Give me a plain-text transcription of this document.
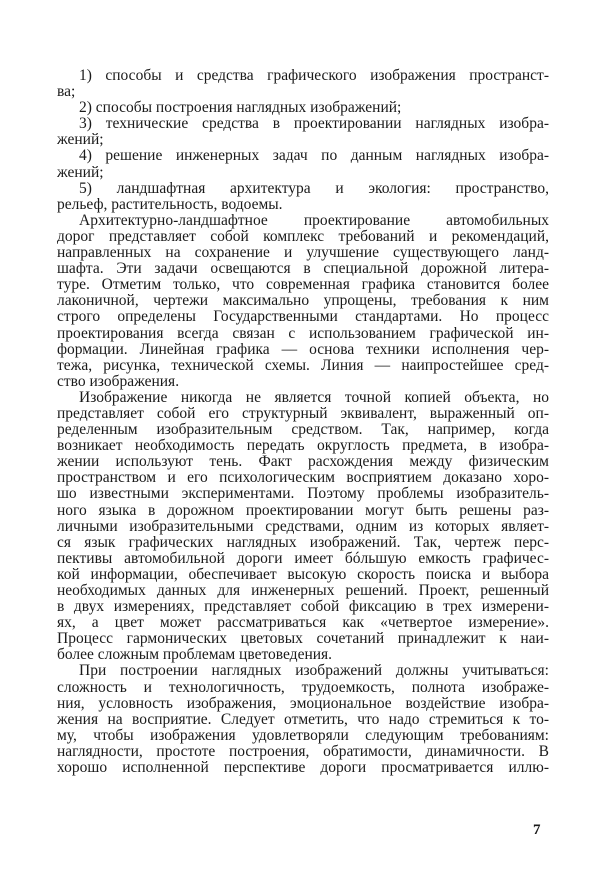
1) способы и средства графического изображения пространст-
ва;
2) способы построения наглядных изображений;
3) технические средства в проектировании наглядных изобра-
жений;
4) решение инженерных задач по данным наглядных изобра-
жений;
5) ландшафтная архитектура и экология: пространство,
рельеф, растительность, водоемы.
Архитектурно-ландшафтное проектирование автомобильных
дорог представляет собой комплекс требований и рекомендаций,
направленных на сохранение и улучшение существующего ланд-
шафта. Эти задачи освещаются в специальной дорожной литера-
туре. Отметим только, что современная графика становится более
лаконичной, чертежи максимально упрощены, требования к ним
строго определены Государственными стандартами. Но процесс
проектирования всегда связан с использованием графической ин-
формации. Линейная графика — основа техники исполнения чер-
тежа, рисунка, технической схемы. Линия — наипростейшее сред-
ство изображения.
Изображение никогда не является точной копией объекта, но
представляет собой его структурный эквивалент, выраженный оп-
ределенным изобразительным средством. Так, например, когда
возникает необходимость передать округлость предмета, в изобра-
жении используют тень. Факт расхождения между физическим
пространством и его психологическим восприятием доказано хоро-
шо известными экспериментами. Поэтому проблемы изобразитель-
ного языка в дорожном проектировании могут быть решены раз-
личными изобразительными средствами, одним из которых являет-
ся язык графических наглядных изображений. Так, чертеж перс-
пективы автомобильной дороги имеет бóльшую емкость графичес-
кой информации, обеспечивает высокую скорость поиска и выбора
необходимых данных для инженерных решений. Проект, решенный
в двух измерениях, представляет собой фиксацию в трех измерени-
ях, а цвет может рассматриваться как «четвертое измерение».
Процесс гармонических цветовых сочетаний принадлежит к наи-
более сложным проблемам цветоведения.
При построении наглядных изображений должны учитываться:
сложность и технологичность, трудоемкость, полнота изображе-
ния, условность изображения, эмоциональное воздействие изобра-
жения на восприятие. Следует отметить, что надо стремиться к то-
му, чтобы изображения удовлетворяли следующим требованиям:
наглядности, простоте построения, обратимости, динамичности. В
хорошо исполненной перспективе дороги просматривается иллю-
7
